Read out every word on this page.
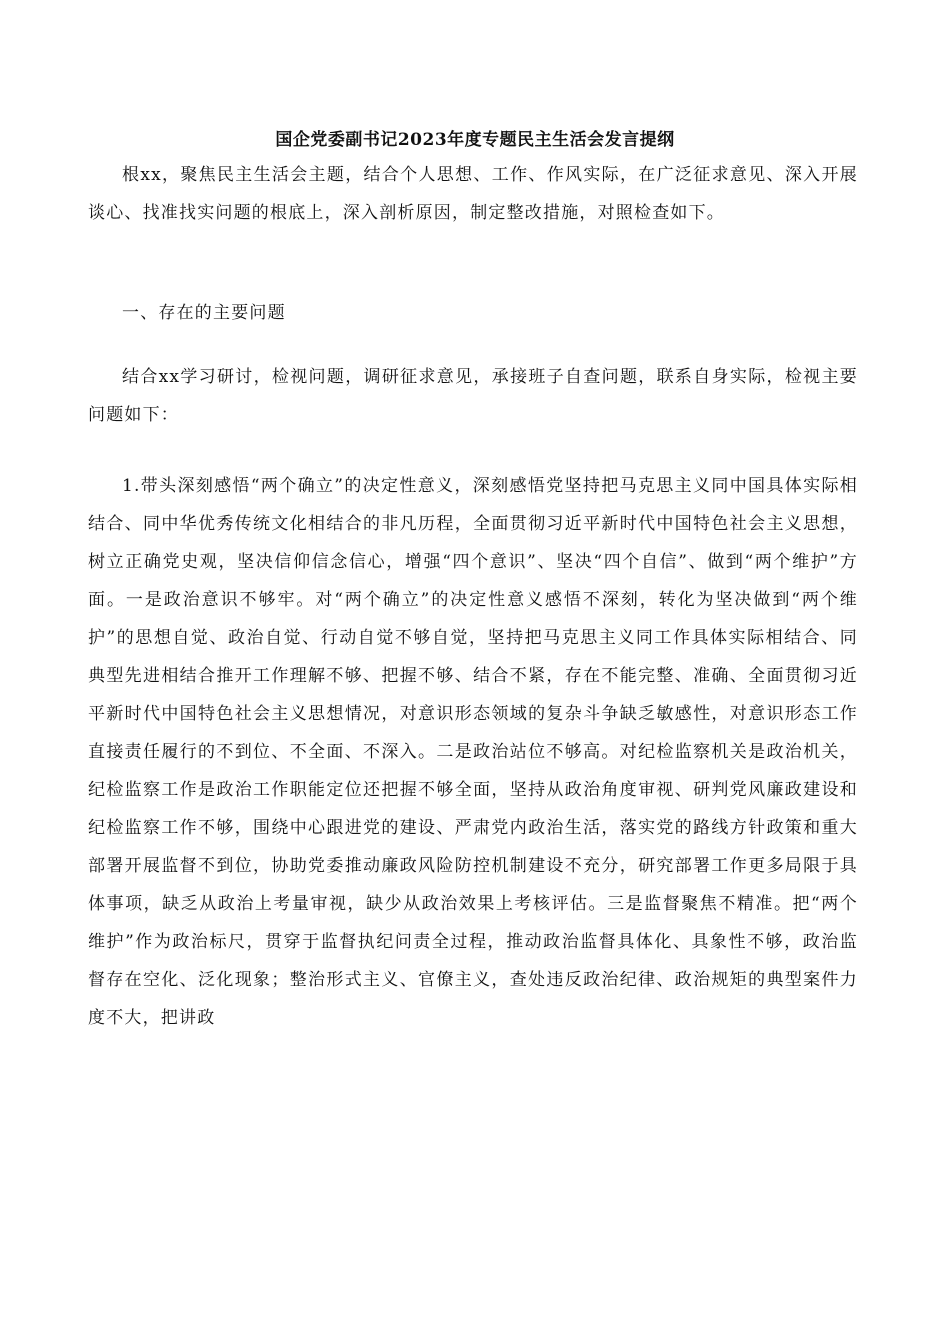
国企党委副书记2023年度专题民主生活会发言提纲

根xx，聚焦民主生活会主题，结合个人思想、工作、作风实际，在广泛征求意见、深入开展谈心、找准找实问题的根底上，深入剖析原因，制定整改措施，对照检查如下。

一、存在的主要问题

结合xx学习研讨，检视问题，调研征求意见，承接班子自查问题，联系自身实际，检视主要问题如下：

1.带头深刻感悟“两个确立”的决定性意义，深刻感悟党坚持把马克思主义同中国具体实际相结合、同中华优秀传统文化相结合的非凡历程，全面贯彻习近平新时代中国特色社会主义思想，树立正确党史观，坚决信仰信念信心，增强“四个意识”、坚决“四个自信”、做到“两个维护”方面。一是政治意识不够牢。对“两个确立”的决定性意义感悟不深刻，转化为坚决做到“两个维护”的思想自觉、政治自觉、行动自觉不够自觉，坚持把马克思主义同工作具体实际相结合、同典型先进相结合推开工作理解不够、把握不够、结合不紧，存在不能完整、准确、全面贯彻习近平新时代中国特色社会主义思想情况，对意识形态领域的复杂斗争缺乏敏感性，对意识形态工作直接责任履行的不到位、不全面、不深入。二是政治站位不够高。对纪检监察机关是政治机关，纪检监察工作是政治工作职能定位还把握不够全面，坚持从政治角度审视、研判党风廉政建设和纪检监察工作不够，围绕中心跟进党的建设、严肃党内政治生活，落实党的路线方针政策和重大部署开展监督不到位，协助党委推动廉政风险防控机制建设不充分，研究部署工作更多局限于具体事项，缺乏从政治上考量审视，缺少从政治效果上考核评估。三是监督聚焦不精准。把“两个维护”作为政治标尺，贯穿于监督执纪问责全过程，推动政治监督具体化、具象性不够，政治监督存在空化、泛化现象；整治形式主义、官僚主义，查处违反政治纪律、政治规矩的典型案件力度不大，把讲政
